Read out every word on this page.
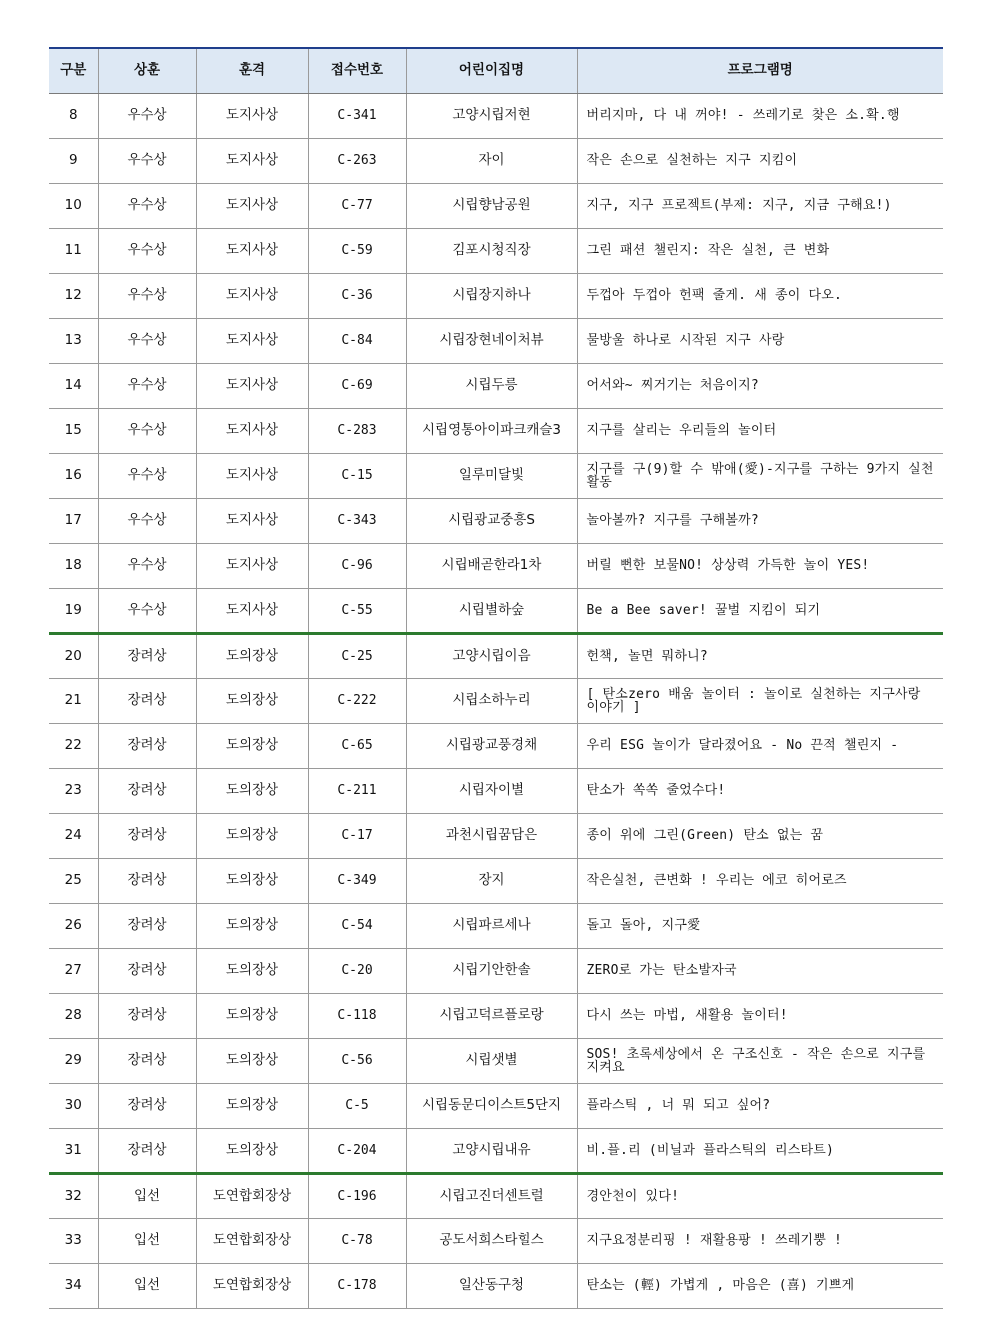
구분	상훈	훈격	접수번호	어린이집명	프로그램명
8	우수상	도지사상	C-341	고양시립저현	버리지마, 다 내 꺼야! - 쓰레기로 찾은 소.확.행
9	우수상	도지사상	C-263	자이	작은 손으로 실천하는 지구 지킴이
10	우수상	도지사상	C-77	시립향남공원	지구, 지구 프로젝트(부제: 지구, 지금 구해요!)
11	우수상	도지사상	C-59	김포시청직장	그린 패션 챌린지: 작은 실천, 큰 변화
12	우수상	도지사상	C-36	시립장지하나	두껍아 두껍아 헌팩 줄게. 새 종이 다오.
13	우수상	도지사상	C-84	시립장현네이처뷰	물방울 하나로 시작된 지구 사랑
14	우수상	도지사상	C-69	시립두릉	어서와~ 찌거기는 처음이지?
15	우수상	도지사상	C-283	시립영통아이파크캐슬3	지구를 살리는 우리들의 놀이터
16	우수상	도지사상	C-15	일루미달빛	지구를 구(9)할 수 밖애(愛)-지구를 구하는 9가지 실천활동
17	우수상	도지사상	C-343	시립광교중흥S	놀아볼까? 지구를 구해볼까?
18	우수상	도지사상	C-96	시립배곧한라1차	버릴 뻔한 보물NO! 상상력 가득한 놀이 YES!
19	우수상	도지사상	C-55	시립별하숲	Be a Bee saver! 꿀벌 지킴이 되기
20	장려상	도의장상	C-25	고양시립이음	헌책, 놀면 뭐하니?
21	장려상	도의장상	C-222	시립소하누리	[ 탄소zero 배움 놀이터 : 놀이로 실천하는 지구사랑 이야기 ]
22	장려상	도의장상	C-65	시립광교풍경채	우리 ESG 놀이가 달라졌어요 - No 끈적 챌린지 -
23	장려상	도의장상	C-211	시립자이별	탄소가 쏙쏙 줄었수다!
24	장려상	도의장상	C-17	과천시립꿈담은	종이 위에 그린(Green) 탄소 없는 꿈
25	장려상	도의장상	C-349	장지	작은실천, 큰변화 ! 우리는 에코 히어로즈
26	장려상	도의장상	C-54	시립파르세나	돌고 돌아, 지구愛
27	장려상	도의장상	C-20	시립기안한솔	ZERO로 가는 탄소발자국
28	장려상	도의장상	C-118	시립고덕르플로랑	다시 쓰는 마법, 새활용 놀이터!
29	장려상	도의장상	C-56	시립샛별	SOS! 초록세상에서 온 구조신호 - 작은 손으로 지구를 지켜요
30	장려상	도의장상	C-5	시립동문디이스트5단지	플라스틱 , 너 뭐 되고 싶어?
31	장려상	도의장상	C-204	고양시립내유	비.플.리 (비닐과 플라스틱의 리스타트)
32	입선	도연합회장상	C-196	시립고진더센트럴	경안천이 있다!
33	입선	도연합회장상	C-78	공도서희스타힐스	지구요정분리핑 ! 재활용팡 ! 쓰레기뿡 !
34	입선	도연합회장상	C-178	일산동구청	탄소는 (輕) 가볍게 , 마음은 (喜) 기쁘게
